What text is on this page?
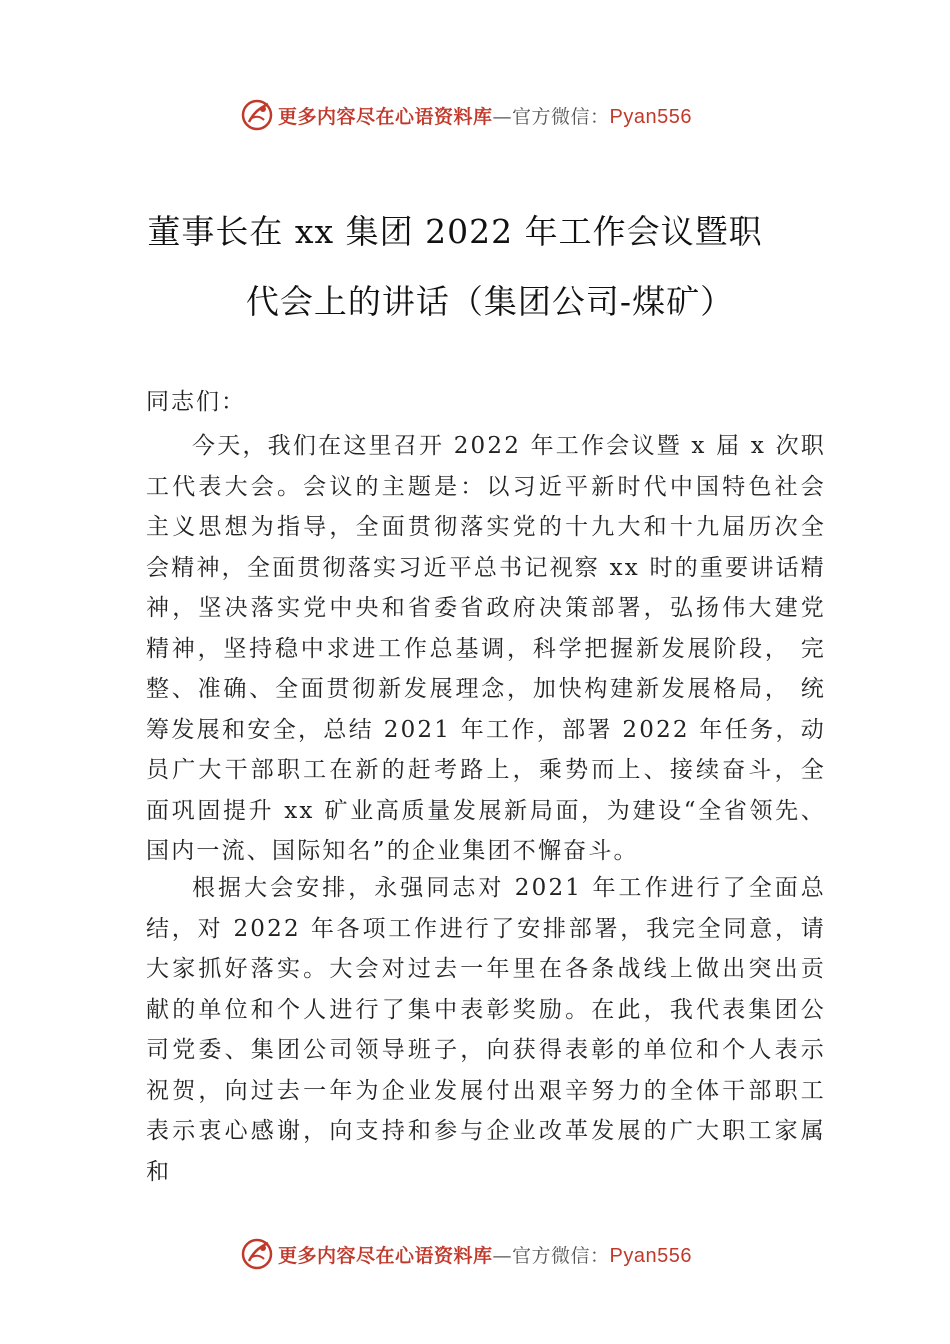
更多内容尽在心语资料库—官方微信：Pyan556
董事长在 xx 集团 2022 年工作会议暨职
代会上的讲话（集团公司-煤矿）
同志们：

今天，我们在这里召开 2022 年工作会议暨 x 届 x 次职工代表大会。会议的主题是：以习近平新时代中国特色社会主义思想为指导，全面贯彻落实党的十九大和十九届历次全会精神，全面贯彻落实习近平总书记视察 xx 时的重要讲话精神，坚决落实党中央和省委省政府决策部署，弘扬伟大建党精神，坚持稳中求进工作总基调，科学把握新发展阶段， 完整、准确、全面贯彻新发展理念，加快构建新发展格局， 统筹发展和安全，总结 2021 年工作，部署 2022 年任务，动员广大干部职工在新的赶考路上，乘势而上、接续奋斗，全面巩固提升 xx 矿业高质量发展新局面，为建设“全省领先、国内一流、国际知名”的企业集团不懈奋斗。

根据大会安排，永强同志对 2021 年工作进行了全面总结，对 2022 年各项工作进行了安排部署，我完全同意，请大家抓好落实。大会对过去一年里在各条战线上做出突出贡献的单位和个人进行了集中表彰奖励。在此，我代表集团公司党委、集团公司领导班子，向获得表彰的单位和个人表示祝贺，向过去一年为企业发展付出艰辛努力的全体干部职工表示衷心感谢，向支持和参与企业改革发展的广大职工家属和

更多内容尽在心语资料库—官方微信：Pyan556
